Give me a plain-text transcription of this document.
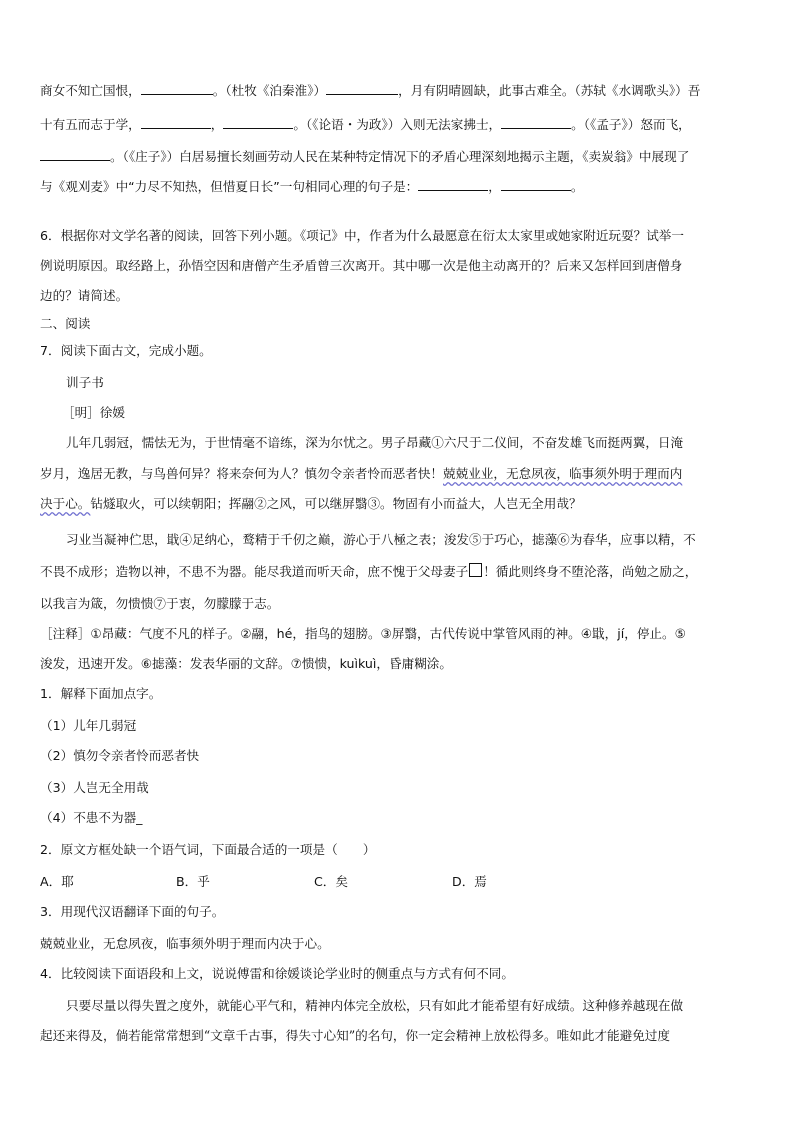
商女不知亡国恨，	。（杜牧《泊秦淮》）	，月有阴晴圆缺，此事古难全。（苏轼《水调歌头》）吾
十有五而志于学，	，	。（《论语・为政》）入则无法家拂士，	。（《孟子》）怒而飞，
。（《庄子》）白居易擅长刻画劳动人民在某种特定情况下的矛盾心理深刻地揭示主题，《卖炭翁》中展现了
与《观刈麦》中“力尽不知热，但惜夏日长”一句相同心理的句子是：	，	。
6．根据你对文学名著的阅读，回答下列小题。《项记》中，作者为什么最愿意在衍太太家里或她家附近玩耍？试举一
例说明原因。取经路上，孙悟空因和唐僧产生矛盾曾三次离开。其中哪一次是他主动离开的？后来又怎样回到唐僧身
边的？请简述。
二、阅读
7．阅读下面古文，完成小题。
训子书
［明］徐媛
儿年几弱冠，懦怯无为，于世情毫不谙练，深为尔忧之。男子昂藏①六尺于二仪间，不奋发雄飞而挺两翼，日淹
岁月，逸居无教，与鸟兽何异？将来奈何为人？慎勿令亲者怜而恶者快！兢兢业业，无怠夙夜，临事须外明于理而内
决于心。钻燧取火，可以续朝阳；挥翮②之风，可以继屏翳③。物固有小而益大，人岂无全用哉？
习业当凝神伫思，戢④足纳心，鹜精于千仞之巅，游心于八極之表；浚发⑤于巧心，摅藻⑥为春华，应事以精，不
不畏不成形；造物以神，不患不为器。能尽我道而听天命，庶不愧于父母妻子 ！循此则终身不堕沦落，尚勉之励之，
以我言为箴，勿愦愦⑦于衷，勿朦朦于志。
［注释］①昂藏：气度不凡的样子。②翮，hé，指鸟的翅膀。③屏翳，古代传说中掌管风雨的神。④戢，jí，停止。⑤
浚发，迅速开发。⑥摅藻：发表华丽的文辞。⑦愦愦，kuìkuì，昏庸糊涂。
1．解释下面加点字。
（1）儿年几弱冠
（2）慎勿令亲者怜而恶者快
（3）人岂无全用哉
（4）不患不为器_
2．原文方框处缺一个语气词，下面最合适的一项是（　　）
A．耶	B．乎	C．矣	D．焉
3．用现代汉语翻译下面的句子。
兢兢业业，无怠夙夜，临事须外明于理而内决于心。
4．比较阅读下面语段和上文，说说傅雷和徐媛谈论学业时的侧重点与方式有何不同。
只要尽量以得失置之度外，就能心平气和，精神内体完全放松，只有如此才能希望有好成绩。这种修养越现在做
起还来得及，倘若能常常想到“文章千古事，得失寸心知”的名句，你一定会精神上放松得多。唯如此才能避免过度
